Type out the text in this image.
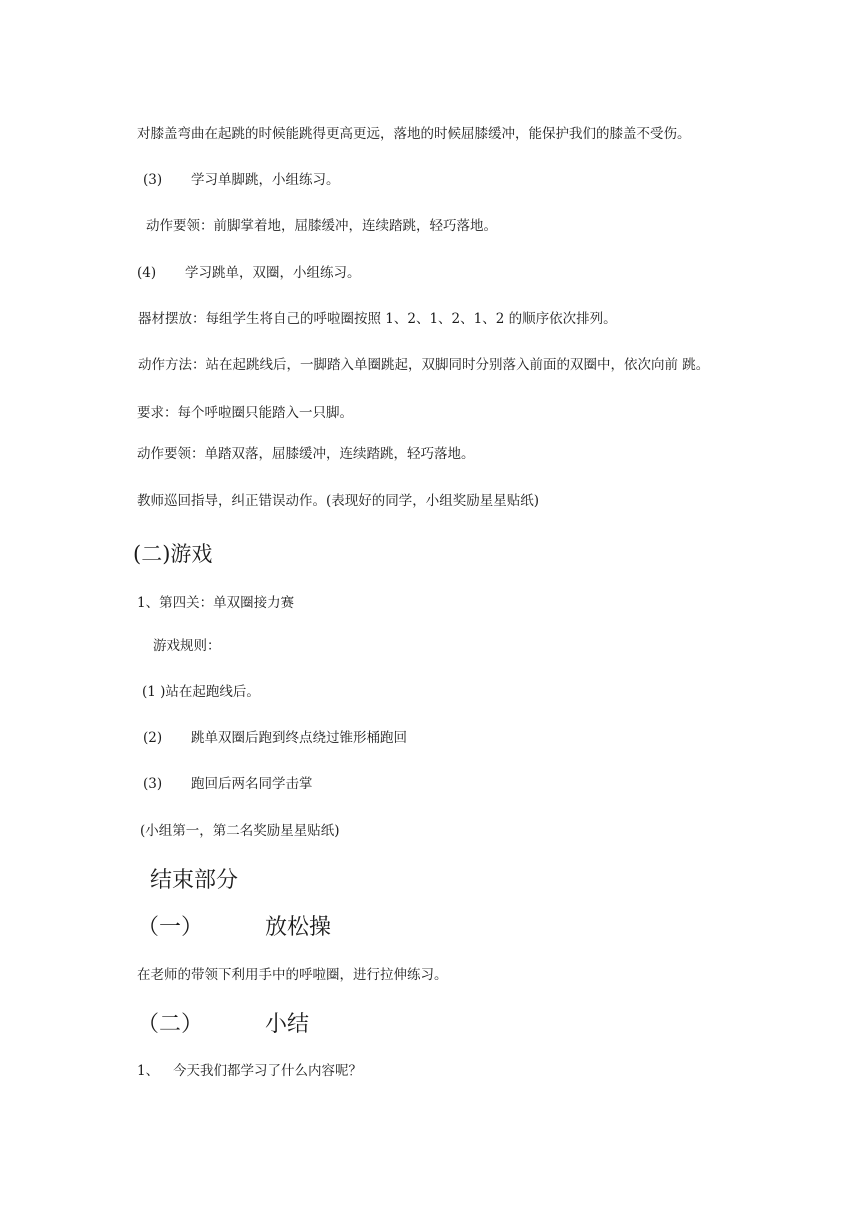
对膝盖弯曲在起跳的时候能跳得更高更远，落地的时候屈膝缓冲，能保护我们的膝盖不受伤。
(3) 学习单脚跳，小组练习。
动作要领：前脚掌着地，屈膝缓冲，连续踏跳，轻巧落地。
(4) 学习跳单，双圈，小组练习。
器材摆放：每组学生将自己的呼啦圈按照 1、2、1、2、1、2 的顺序依次排列。
动作方法：站在起跳线后，一脚踏入单圈跳起，双脚同时分别落入前面的双圈中，依次向前 跳。
要求：每个呼啦圈只能踏入一只脚。
动作要领：单踏双落，屈膝缓冲，连续踏跳，轻巧落地。
教师巡回指导，纠正错误动作。(表现好的同学，小组奖励星星贴纸)
(二)游戏
1、第四关：单双圈接力赛
游戏规则：
(1 )站在起跑线后。
(2) 跳单双圈后跑到终点绕过锥形桶跑回
(3) 跑回后两名同学击掌
(小组第一，第二名奖励星星贴纸)
结束部分
（一）	放松操
在老师的带领下利用手中的呼啦圈，进行拉伸练习。
（二）	小结
1、 今天我们都学习了什么内容呢？
